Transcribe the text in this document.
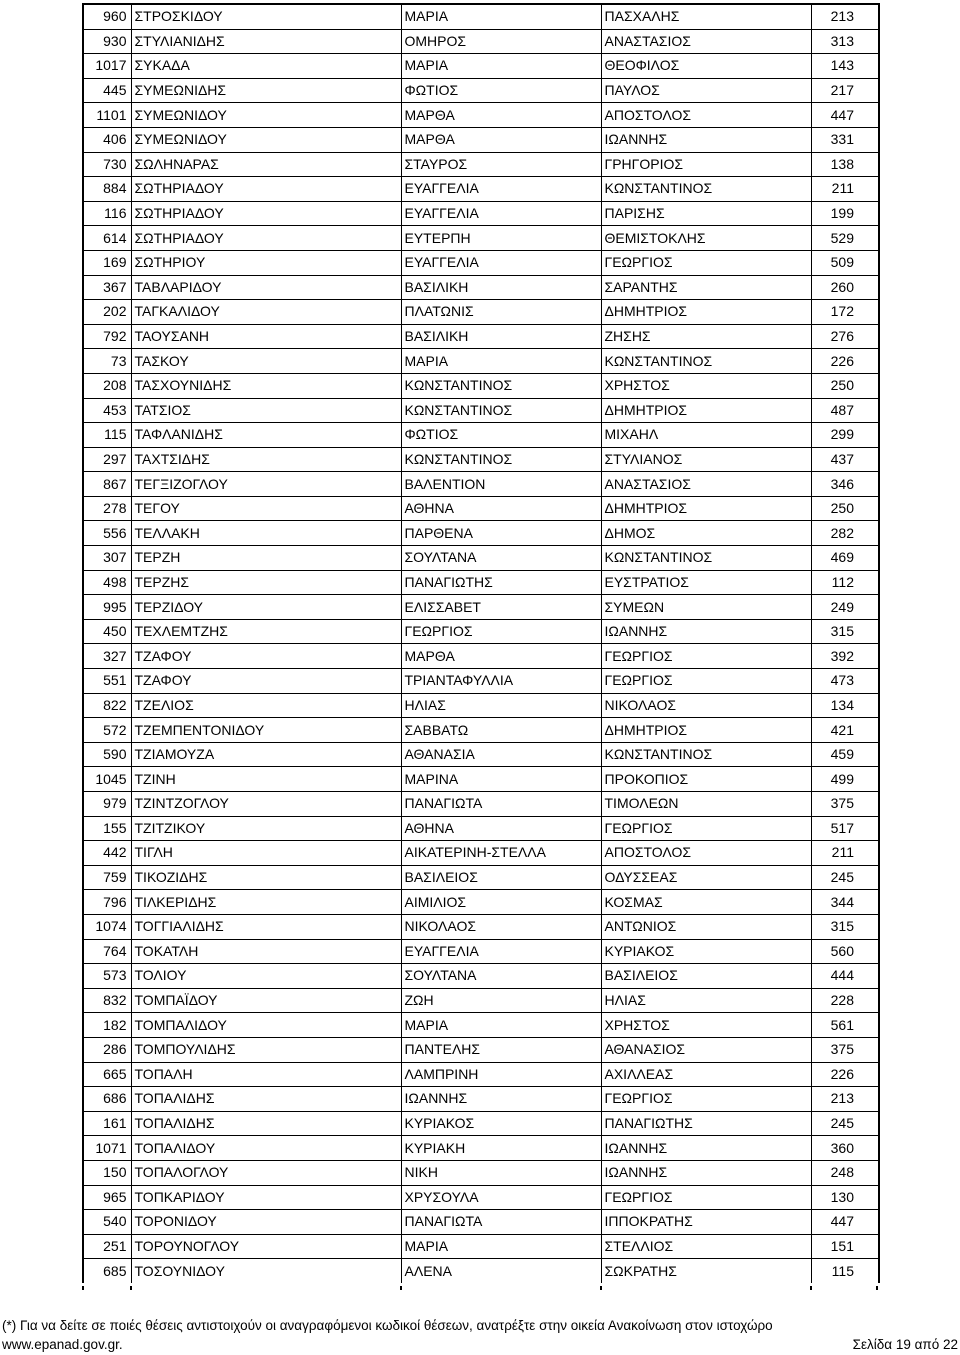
960	ΣΤΡΟΣΚΙΔΟΥ	ΜΑΡΙΑ	ΠΑΣΧΑΛΗΣ	213
930	ΣΤΥΛΙΑΝΙΔΗΣ	ΟΜΗΡΟΣ	ΑΝΑΣΤΑΣΙΟΣ	313
1017	ΣΥΚΑΔΑ	ΜΑΡΙΑ	ΘΕΟΦΙΛΟΣ	143
445	ΣΥΜΕΩΝΙΔΗΣ	ΦΩΤΙΟΣ	ΠΑΥΛΟΣ	217
1101	ΣΥΜΕΩΝΙΔΟΥ	ΜΑΡΘΑ	ΑΠΟΣΤΟΛΟΣ	447
406	ΣΥΜΕΩΝΙΔΟΥ	ΜΑΡΘΑ	ΙΩΑΝΝΗΣ	331
730	ΣΩΛΗΝΑΡΑΣ	ΣΤΑΥΡΟΣ	ΓΡΗΓΟΡΙΟΣ	138
884	ΣΩΤΗΡΙΑΔΟΥ	ΕΥΑΓΓΕΛΙΑ	ΚΩΝΣΤΑΝΤΙΝΟΣ	211
116	ΣΩΤΗΡΙΑΔΟΥ	ΕΥΑΓΓΕΛΙΑ	ΠΑΡΙΣΗΣ	199
614	ΣΩΤΗΡΙΑΔΟΥ	ΕΥΤΕΡΠΗ	ΘΕΜΙΣΤΟΚΛΗΣ	529
169	ΣΩΤΗΡΙΟΥ	ΕΥΑΓΓΕΛΙΑ	ΓΕΩΡΓΙΟΣ	509
367	ΤΑΒΛΑΡΙΔΟΥ	ΒΑΣΙΛΙΚΗ	ΣΑΡΑΝΤΗΣ	260
202	ΤΑΓΚΑΛΙΔΟΥ	ΠΛΑΤΩΝΙΣ	ΔΗΜΗΤΡΙΟΣ	172
792	ΤΑΟΥΣΑΝΗ	ΒΑΣΙΛΙΚΗ	ΖΗΣΗΣ	276
73	ΤΑΣΚΟΥ	ΜΑΡΙΑ	ΚΩΝΣΤΑΝΤΙΝΟΣ	226
208	ΤΑΣΧΟΥΝΙΔΗΣ	ΚΩΝΣΤΑΝΤΙΝΟΣ	ΧΡΗΣΤΟΣ	250
453	ΤΑΤΣΙΟΣ	ΚΩΝΣΤΑΝΤΙΝΟΣ	ΔΗΜΗΤΡΙΟΣ	487
115	ΤΑΦΛΑΝΙΔΗΣ	ΦΩΤΙΟΣ	ΜΙΧΑΗΛ	299
297	ΤΑΧΤΣΙΔΗΣ	ΚΩΝΣΤΑΝΤΙΝΟΣ	ΣΤΥΛΙΑΝΟΣ	437
867	ΤΕΓΞΙΖΟΓΛΟΥ	ΒΑΛΕΝΤΙΟΝ	ΑΝΑΣΤΑΣΙΟΣ	346
278	ΤΕΓΟΥ	ΑΘΗΝΑ	ΔΗΜΗΤΡΙΟΣ	250
556	ΤΕΛΛΑΚΗ	ΠΑΡΘΕΝΑ	ΔΗΜΟΣ	282
307	ΤΕΡΖΗ	ΣΟΥΛΤΑΝΑ	ΚΩΝΣΤΑΝΤΙΝΟΣ	469
498	ΤΕΡΖΗΣ	ΠΑΝΑΓΙΩΤΗΣ	ΕΥΣΤΡΑΤΙΟΣ	112
995	ΤΕΡΖΙΔΟΥ	ΕΛΙΣΣΑΒΕΤ	ΣΥΜΕΩΝ	249
450	ΤΕΧΛΕΜΤΖΗΣ	ΓΕΩΡΓΙΟΣ	ΙΩΑΝΝΗΣ	315
327	ΤΖΑΦΟΥ	ΜΑΡΘΑ	ΓΕΩΡΓΙΟΣ	392
551	ΤΖΑΦΟΥ	ΤΡΙΑΝΤΑΦΥΛΛΙΑ	ΓΕΩΡΓΙΟΣ	473
822	ΤΖΕΛΙΟΣ	ΗΛΙΑΣ	ΝΙΚΟΛΑΟΣ	134
572	ΤΖΕΜΠΕΝΤΟΝΙΔΟΥ	ΣΑΒΒΑΤΩ	ΔΗΜΗΤΡΙΟΣ	421
590	ΤΖΙΑΜΟΥΖΑ	ΑΘΑΝΑΣΙΑ	ΚΩΝΣΤΑΝΤΙΝΟΣ	459
1045	ΤΖΙΝΗ	ΜΑΡΙΝΑ	ΠΡΟΚΟΠΙΟΣ	499
979	ΤΖΙΝΤΖΟΓΛΟΥ	ΠΑΝΑΓΙΩΤΑ	ΤΙΜΟΛΕΩΝ	375
155	ΤΖΙΤΖΙΚΟΥ	ΑΘΗΝΑ	ΓΕΩΡΓΙΟΣ	517
442	ΤΙΓΛΗ	ΑΙΚΑΤΕΡΙΝΗ-ΣΤΕΛΛΑ	ΑΠΟΣΤΟΛΟΣ	211
759	ΤΙΚΟΖΙΔΗΣ	ΒΑΣΙΛΕΙΟΣ	ΟΔΥΣΣΕΑΣ	245
796	ΤΙΛΚΕΡΙΔΗΣ	ΑΙΜΙΛΙΟΣ	ΚΟΣΜΑΣ	344
1074	ΤΟΓΓΙΑΛΙΔΗΣ	ΝΙΚΟΛΑΟΣ	ΑΝΤΩΝΙΟΣ	315
764	ΤΟΚΑΤΛΗ	ΕΥΑΓΓΕΛΙΑ	ΚΥΡΙΑΚΟΣ	560
573	ΤΟΛΙΟΥ	ΣΟΥΛΤΑΝΑ	ΒΑΣΙΛΕΙΟΣ	444
832	ΤΟΜΠΑΪΔΟΥ	ΖΩΗ	ΗΛΙΑΣ	228
182	ΤΟΜΠΑΛΙΔΟΥ	ΜΑΡΙΑ	ΧΡΗΣΤΟΣ	561
286	ΤΟΜΠΟΥΛΙΔΗΣ	ΠΑΝΤΕΛΗΣ	ΑΘΑΝΑΣΙΟΣ	375
665	ΤΟΠΑΛΗ	ΛΑΜΠΡΙΝΗ	ΑΧΙΛΛΕΑΣ	226
686	ΤΟΠΑΛΙΔΗΣ	ΙΩΑΝΝΗΣ	ΓΕΩΡΓΙΟΣ	213
161	ΤΟΠΑΛΙΔΗΣ	ΚΥΡΙΑΚΟΣ	ΠΑΝΑΓΙΩΤΗΣ	245
1071	ΤΟΠΑΛΙΔΟΥ	ΚΥΡΙΑΚΗ	ΙΩΑΝΝΗΣ	360
150	ΤΟΠΑΛΟΓΛΟΥ	ΝΙΚΗ	ΙΩΑΝΝΗΣ	248
965	ΤΟΠΚΑΡΙΔΟΥ	ΧΡΥΣΟΥΛΑ	ΓΕΩΡΓΙΟΣ	130
540	ΤΟΡΟΝΙΔΟΥ	ΠΑΝΑΓΙΩΤΑ	ΙΠΠΟΚΡΑΤΗΣ	447
251	ΤΟΡΟΥΝΟΓΛΟΥ	ΜΑΡΙΑ	ΣΤΕΛΛΙΟΣ	151
685	ΤΟΣΟΥΝΙΔΟΥ	ΑΛΕΝΑ	ΣΩΚΡΑΤΗΣ	115
(*) Για να δείτε σε ποιές θέσεις αντιστοιχούν οι αναγραφόμενοι κωδικοί θέσεων, ανατρέξτε στην οικεία Ανακοίνωση στον ιστοχώρο
www.epanad.gov.gr.	Σελίδα 19 από 22
